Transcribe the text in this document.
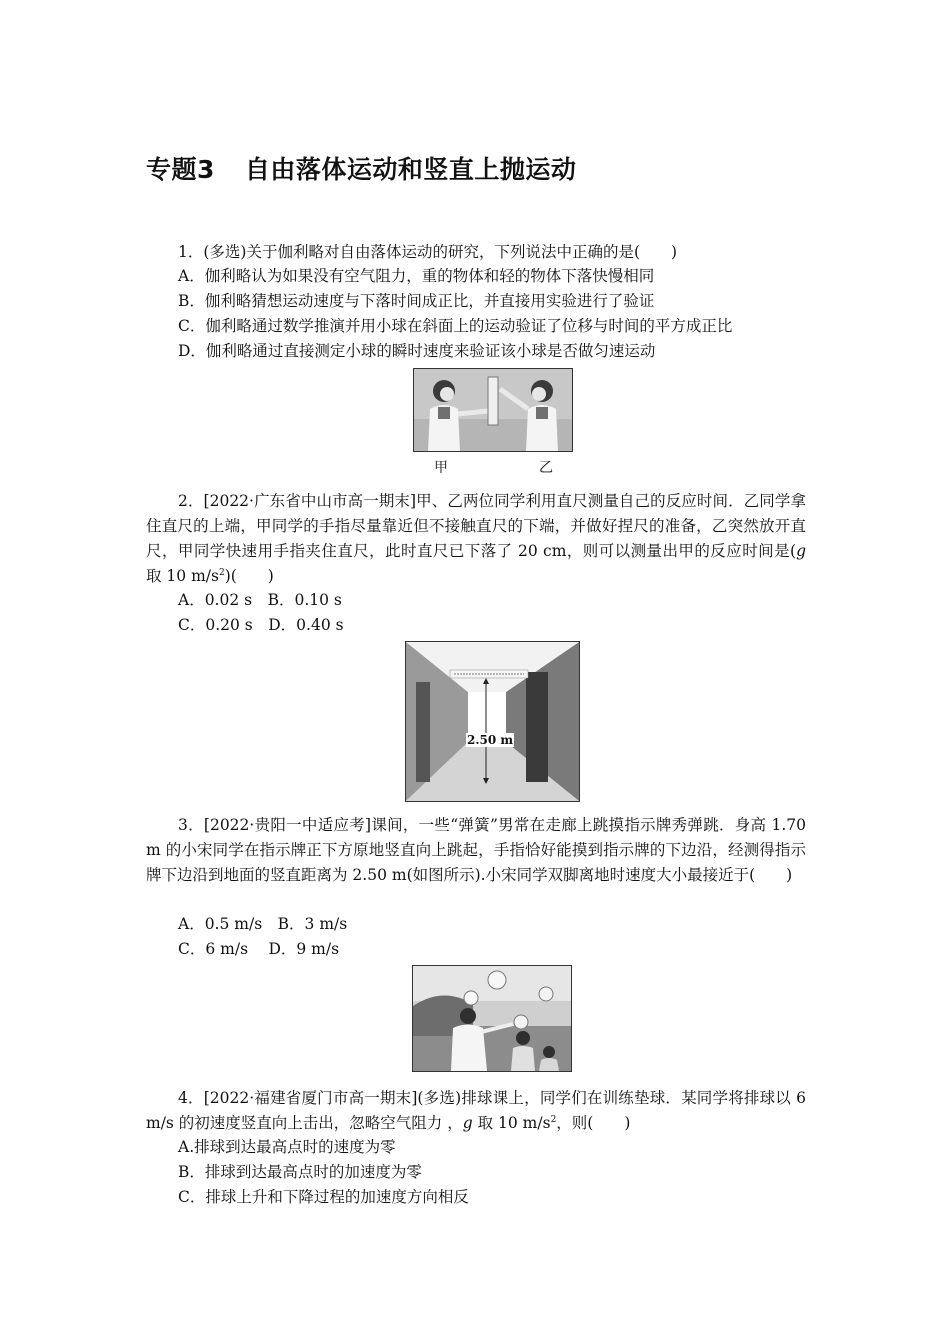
专题3 自由落体运动和竖直上抛运动
1．(多选)关于伽利略对自由落体运动的研究，下列说法中正确的是(　　)
A．伽利略认为如果没有空气阻力，重的物体和轻的物体下落快慢相同
B．伽利略猜想运动速度与下落时间成正比，并直接用实验进行了验证
C．伽利略通过数学推演并用小球在斜面上的运动验证了位移与时间的平方成正比
D．伽利略通过直接测定小球的瞬时速度来验证该小球是否做匀速运动
甲	乙
2．[2022·广东省中山市高一期末]甲、乙两位同学利用直尺测量自己的反应时间．乙同学拿住直尺的上端，甲同学的手指尽量靠近但不接触直尺的下端，并做好捏尺的准备，乙突然放开直尺，甲同学快速用手指夹住直尺，此时直尺已下落了 20 cm，则可以测量出甲的反应时间是(g 取 10 $m/s^2$)(　　)
A．0.02 s　B．0.10 s
C．0.20 s　D．0.40 s
2.50 m
3．[2022·贵阳一中适应考]课间，一些“弹簧”男常在走廊上跳摸指示牌秀弹跳．身高 1.70 m 的小宋同学在指示牌正下方原地竖直向上跳起，手指恰好能摸到指示牌的下边沿，经测得指示牌下边沿到地面的竖直距离为 2.50 m(如图所示).小宋同学双脚离地时速度大小最接近于(　　)
A．0.5 m/s　B．3 m/s
C．6 m/s　 D．9 m/s
4．[2022·福建省厦门市高一期末](多选)排球课上，同学们在训练垫球．某同学将排球以 6 m/s 的初速度竖直向上击出，忽略空气阻力 ，g 取 10 $m/s^2$，则(　　)
A.排球到达最高点时的速度为零
B．排球到达最高点时的加速度为零
C．排球上升和下降过程的加速度方向相反
